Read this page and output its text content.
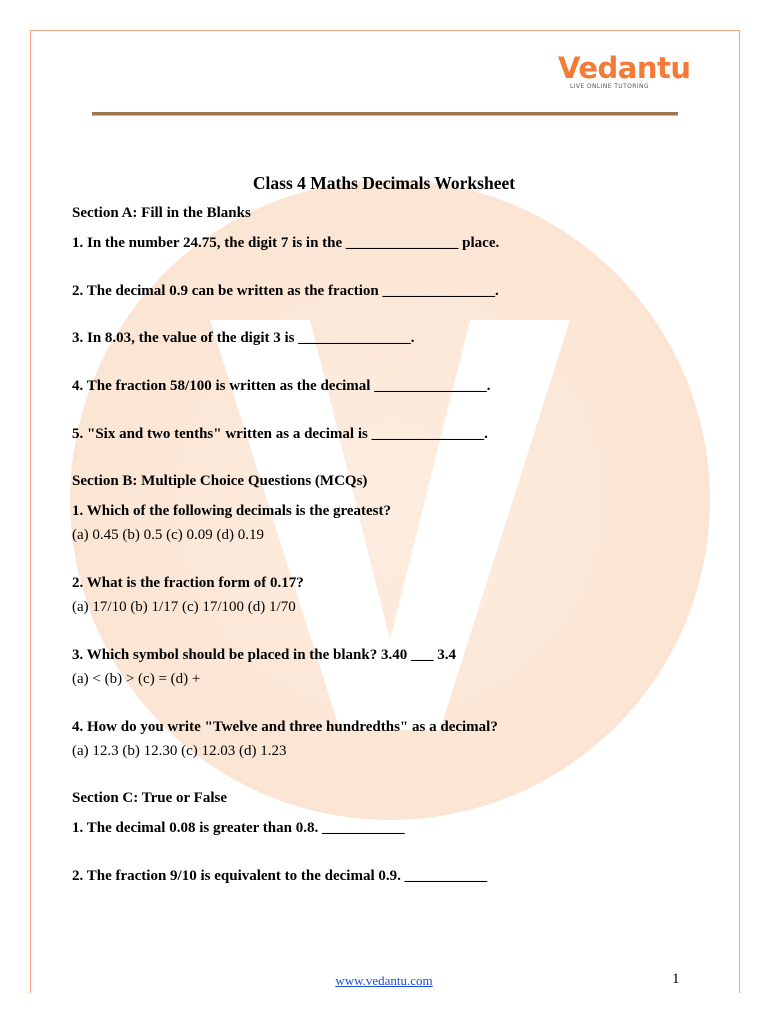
Vedantu
LIVE ONLINE TUTORING
Class 4 Maths Decimals Worksheet
Section A: Fill in the Blanks
1. In the number 24.75, the digit 7 is in the _______________ place.
2. The decimal 0.9 can be written as the fraction _______________.
3. In 8.03, the value of the digit 3 is _______________.
4. The fraction 58/100 is written as the decimal _______________.
5. "Six and two tenths" written as a decimal is _______________.
Section B: Multiple Choice Questions (MCQs)
1. Which of the following decimals is the greatest?
(a) 0.45 (b) 0.5 (c) 0.09 (d) 0.19
2. What is the fraction form of 0.17?
(a) 17/10 (b) 1/17 (c) 17/100 (d) 1/70
3. Which symbol should be placed in the blank? 3.40 ___ 3.4
(a) < (b) > (c) = (d) +
4. How do you write "Twelve and three hundredths" as a decimal?
(a) 12.3 (b) 12.30 (c) 12.03 (d) 1.23
Section C: True or False
1. The decimal 0.08 is greater than 0.8. ___________
2. The fraction 9/10 is equivalent to the decimal 0.9. ___________
www.vedantu.com	1
